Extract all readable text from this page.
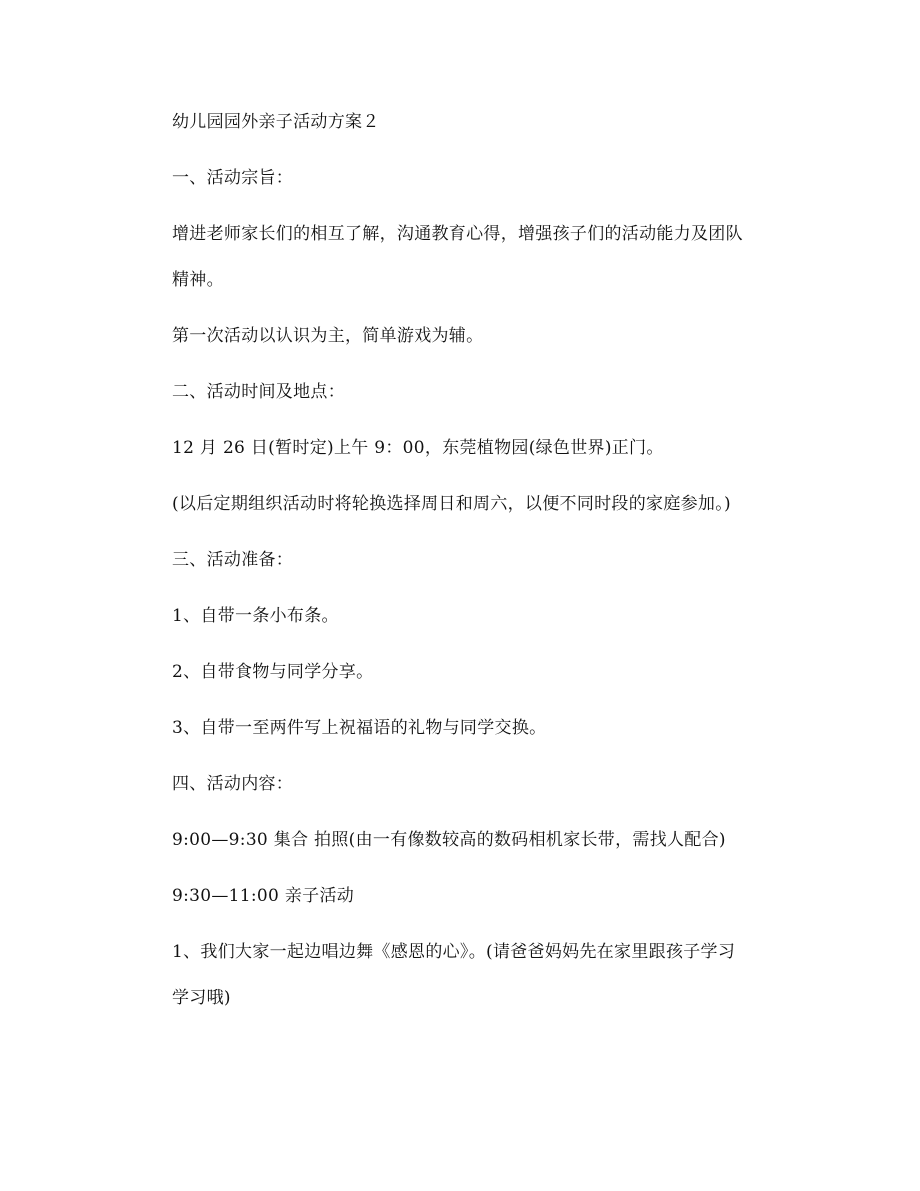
幼儿园园外亲子活动方案２
一、活动宗旨：
增进老师家长们的相互了解，沟通教育心得，增强孩子们的活动能力及团队
精神。
第一次活动以认识为主，简单游戏为辅。
二、活动时间及地点：
12 月 26 日(暂时定)上午 9：00，东莞植物园(绿色世界)正门。
(以后定期组织活动时将轮换选择周日和周六，以便不同时段的家庭参加。)
三、活动准备：
1、自带一条小布条。
2、自带食物与同学分享。
3、自带一至两件写上祝福语的礼物与同学交换。
四、活动内容：
9:00—9:30 集合 拍照(由一有像数较高的数码相机家长带，需找人配合)
9:30—11:00 亲子活动
1、我们大家一起边唱边舞《感恩的心》。(请爸爸妈妈先在家里跟孩子学习
学习哦)
